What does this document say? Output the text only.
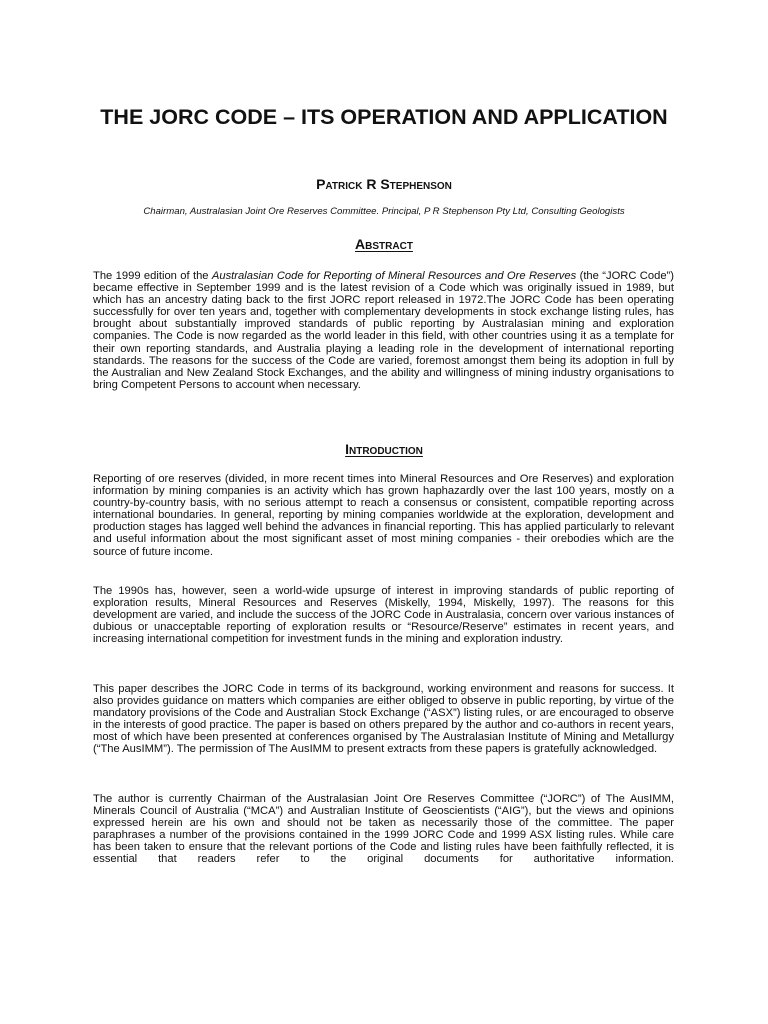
THE JORC CODE – ITS OPERATION AND APPLICATION

Patrick R Stephenson

Chairman, Australasian Joint Ore Reserves Committee. Principal, P R Stephenson Pty Ltd, Consulting Geologists

Abstract

The 1999 edition of the Australasian Code for Reporting of Mineral Resources and Ore Reserves (the “JORC Code”) became effective in September 1999 and is the latest revision of a Code which was originally issued in 1989, but which has an ancestry dating back to the first JORC report released in 1972.The JORC Code has been operating successfully for over ten years and, together with complementary developments in stock exchange listing rules, has brought about substantially improved standards of public reporting by Australasian mining and exploration companies. The Code is now regarded as the world leader in this field, with other countries using it as a template for their own reporting standards, and Australia playing a leading role in the development of international reporting standards. The reasons for the success of the Code are varied, foremost amongst them being its adoption in full by the Australian and New Zealand Stock Exchanges, and the ability and willingness of mining industry organisations to bring Competent Persons to account when necessary.

Introduction

Reporting of ore reserves (divided, in more recent times into Mineral Resources and Ore Reserves) and exploration information by mining companies is an activity which has grown haphazardly over the last 100 years, mostly on a country-by-country basis, with no serious attempt to reach a consensus or consistent, compatible reporting across international boundaries. In general, reporting by mining companies worldwide at the exploration, development and production stages has lagged well behind the advances in financial reporting. This has applied particularly to relevant and useful information about the most significant asset of most mining companies - their orebodies which are the source of future income.

The 1990s has, however, seen a world-wide upsurge of interest in improving standards of public reporting of exploration results, Mineral Resources and Reserves (Miskelly, 1994, Miskelly, 1997). The reasons for this development are varied, and include the success of the JORC Code in Australasia, concern over various instances of dubious or unacceptable reporting of exploration results or “Resource/Reserve” estimates in recent years, and increasing international competition for investment funds in the mining and exploration industry.

This paper describes the JORC Code in terms of its background, working environment and reasons for success. It also provides guidance on matters which companies are either obliged to observe in public reporting, by virtue of the mandatory provisions of the Code and Australian Stock Exchange (“ASX”) listing rules, or are encouraged to observe in the interests of good practice. The paper is based on others prepared by the author and co-authors in recent years, most of which have been presented at conferences organised by The Australasian Institute of Mining and Metallurgy (“The AusIMM”). The permission of The AusIMM to present extracts from these papers is gratefully acknowledged.

The author is currently Chairman of the Australasian Joint Ore Reserves Committee (“JORC”) of The AusIMM, Minerals Council of Australia (“MCA”) and Australian Institute of Geoscientists (“AIG”), but the views and opinions expressed herein are his own and should not be taken as necessarily those of the committee. The paper paraphrases a number of the provisions contained in the 1999 JORC Code and 1999 ASX listing rules. While care has been taken to ensure that the relevant portions of the Code and listing rules have been faithfully reflected, it is essential that readers refer to the original documents for authoritative information.
